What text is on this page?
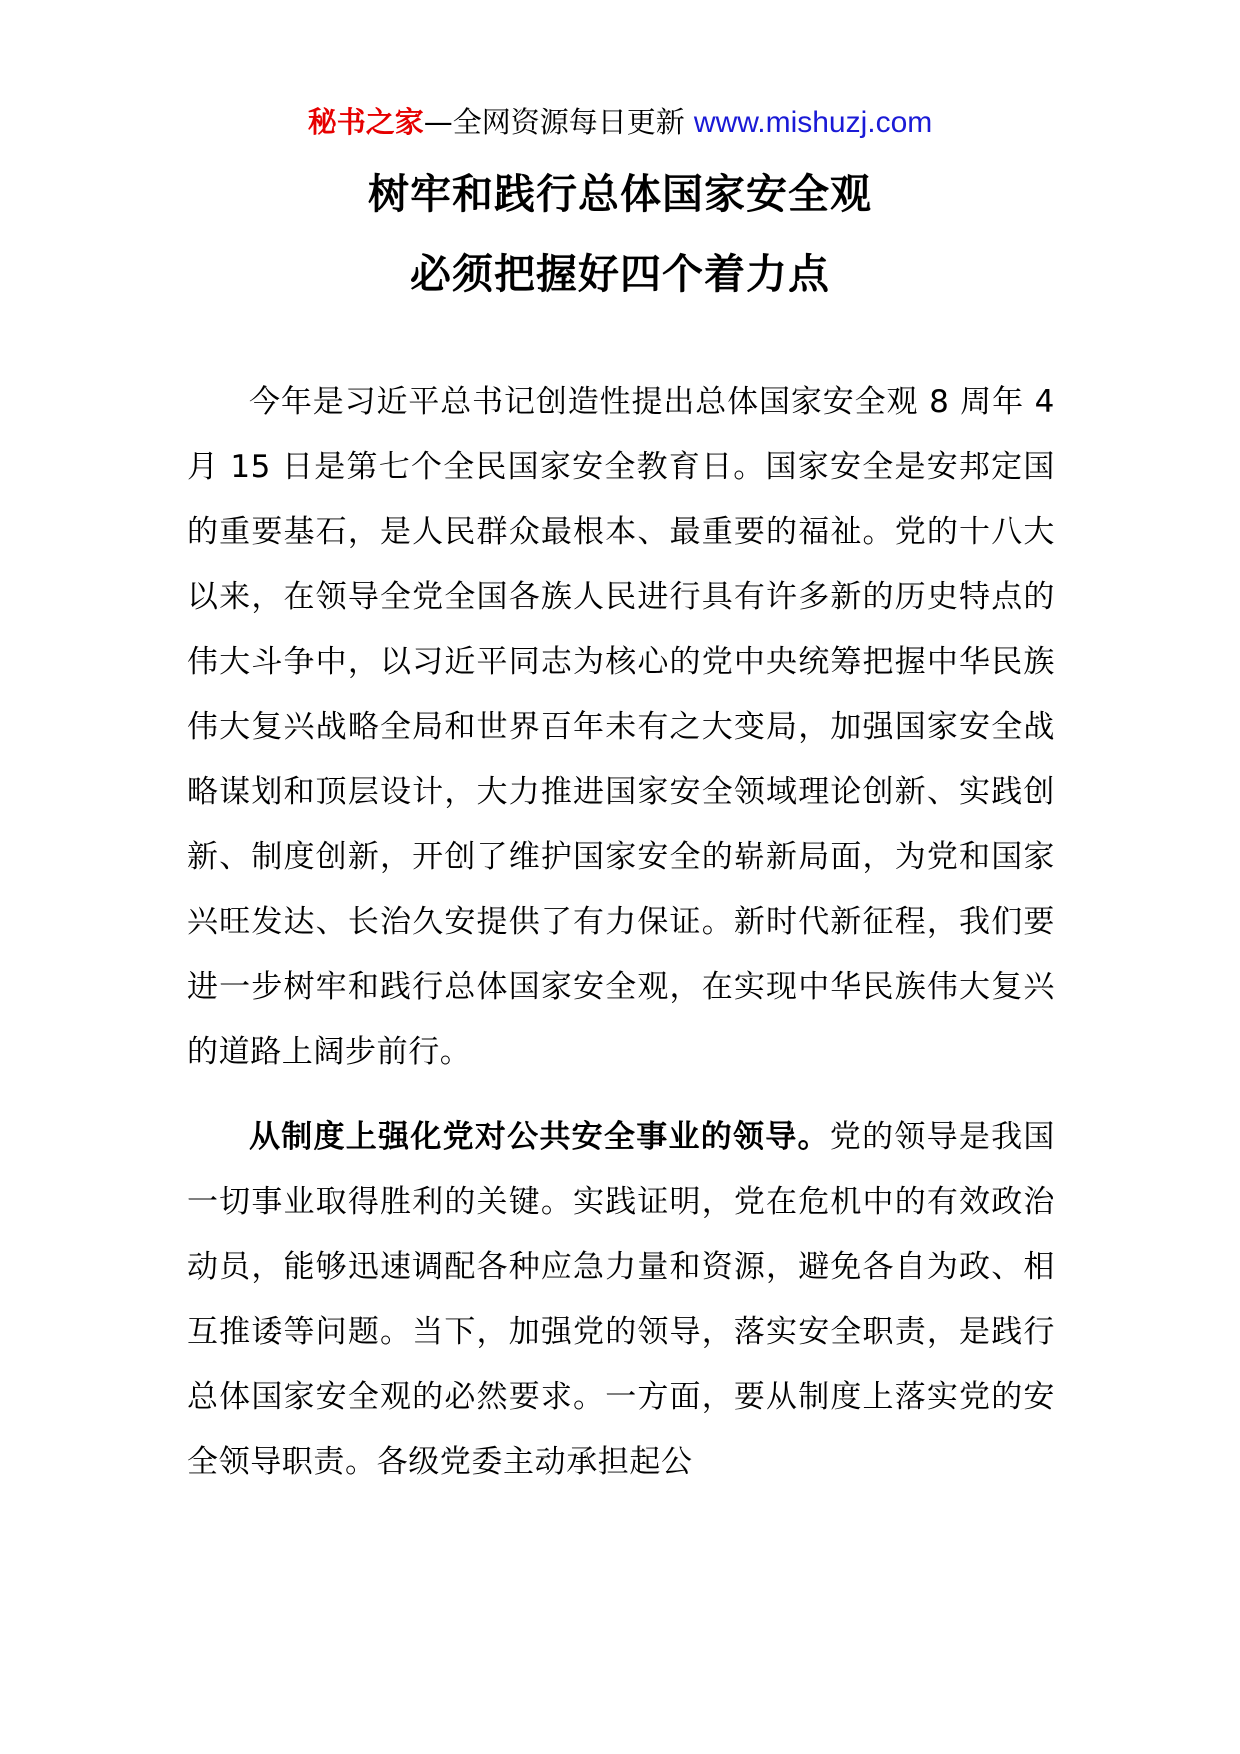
秘书之家—全网资源每日更新 www.mishuzj.com
树牢和践行总体国家安全观
必须把握好四个着力点

今年是习近平总书记创造性提出总体国家安全观 8 周年 4 月 15 日是第七个全民国家安全教育日。国家安全是安邦定国的重要基石，是人民群众最根本、最重要的福祉。党的十八大以来，在领导全党全国各族人民进行具有许多新的历史特点的伟大斗争中，以习近平同志为核心的党中央统筹把握中华民族伟大复兴战略全局和世界百年未有之大变局，加强国家安全战略谋划和顶层设计，大力推进国家安全领域理论创新、实践创新、制度创新，开创了维护国家安全的崭新局面，为党和国家兴旺发达、长治久安提供了有力保证。新时代新征程，我们要进一步树牢和践行总体国家安全观，在实现中华民族伟大复兴的道路上阔步前行。

从制度上强化党对公共安全事业的领导。党的领导是我国一切事业取得胜利的关键。实践证明，党在危机中的有效政治动员，能够迅速调配各种应急力量和资源，避免各自为政、相互推诿等问题。当下，加强党的领导，落实安全职责，是践行总体国家安全观的必然要求。一方面，要从制度上落实党的安全领导职责。各级党委主动承担起公
